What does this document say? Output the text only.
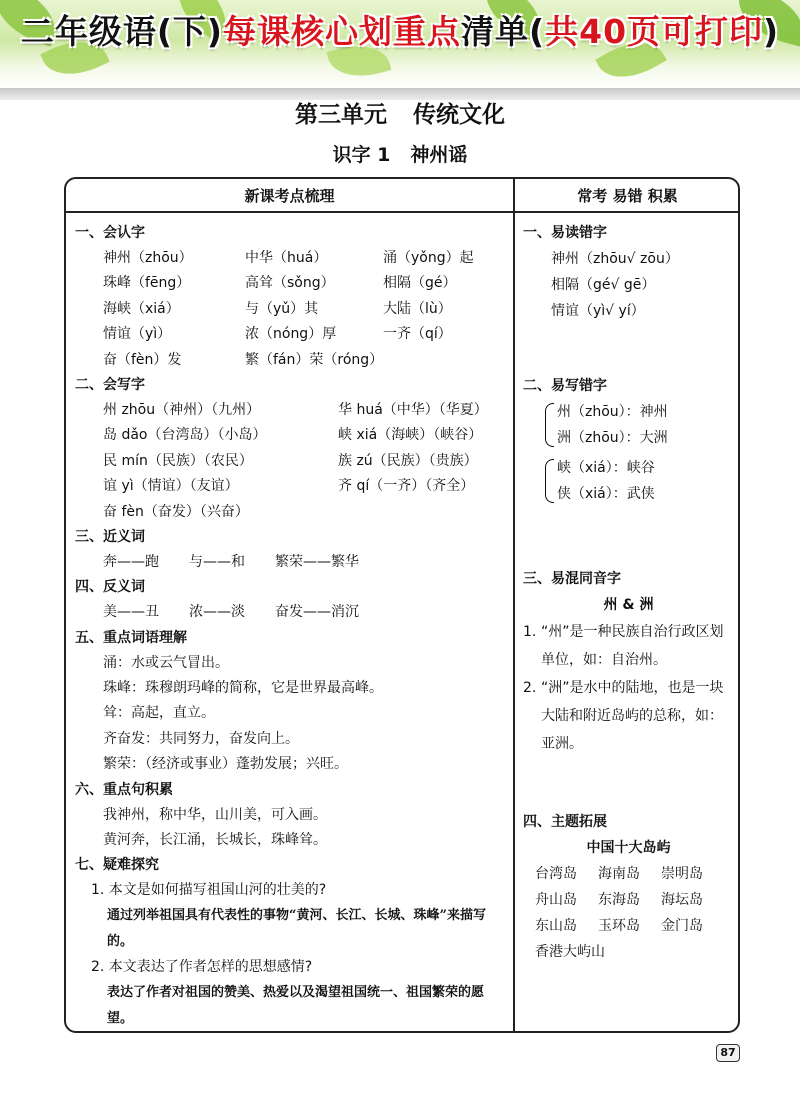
二年级语(下)每课核心划重点清单(共40页可打印)
第三单元 传统文化
识字 1 神州谣
新课考点梳理	常考 易错 积累
一、会认字
神州（zhōu）	中华（huá）	涌（yǒng）起
珠峰（fēng）	高耸（sǒng）	相隔（gé）
海峡（xiá）	与（yǔ）其	大陆（lù）
情谊（yì）	浓（nóng）厚	一齐（qí）
奋（fèn）发	繁（fán）荣（róng）
二、会写字
州 zhōu（神州）（九州）	华 huá（中华）（华夏）
岛 dǎo（台湾岛）（小岛）	峡 xiá（海峡）（峡谷）
民 mín（民族）（农民）	族 zú（民族）（贵族）
谊 yì（情谊）（友谊）	齐 qí（一齐）（齐全）
奋 fèn（奋发）（兴奋）
三、近义词
奔——跑 与——和 繁荣——繁华
四、反义词
美——丑 浓——淡 奋发——消沉
五、重点词语理解
涌：水或云气冒出。
珠峰：珠穆朗玛峰的简称，它是世界最高峰。
耸：高起，直立。
齐奋发：共同努力，奋发向上。
繁荣：（经济或事业）蓬勃发展；兴旺。
六、重点句积累
我神州，称中华，山川美，可入画。
黄河奔，长江涌，长城长，珠峰耸。
七、疑难探究
1. 本文是如何描写祖国山河的壮美的?
通过列举祖国具有代表性的事物“黄河、长江、长城、珠峰”来描写的。
2. 本文表达了作者怎样的思想感情?
表达了作者对祖国的赞美、热爱以及渴望祖国统一、祖国繁荣的愿望。
一、易读错字
神州（zhōu√ zōu）
相隔（gé√ gē）
情谊（yì√ yí）
二、易写错字
州（zhōu）：神州
洲（zhōu）：大洲
峡（xiá）：峡谷
侠（xiá）：武侠
三、易混同音字
州 & 洲
1. “州”是一种民族自治行政区划单位，如：自治州。
2. “洲”是水中的陆地，也是一块大陆和附近岛屿的总称，如：亚洲。
四、主题拓展
中国十大岛屿
台湾岛	海南岛	崇明岛
舟山岛	东海岛	海坛岛
东山岛	玉环岛	金门岛
香港大屿山
87
